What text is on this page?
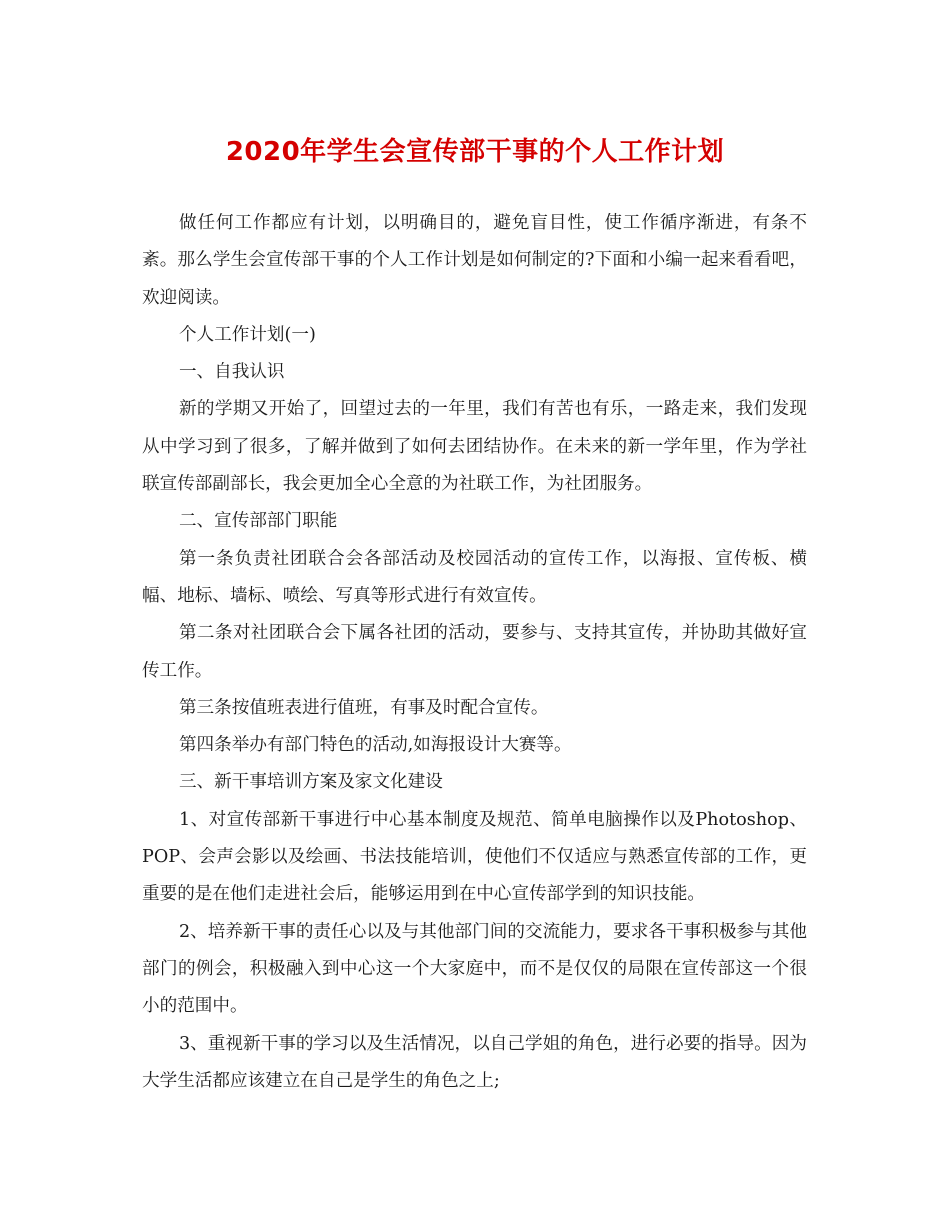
2020年学生会宣传部干事的个人工作计划

做任何工作都应有计划，以明确目的，避免盲目性，使工作循序渐进，有条不紊。那么学生会宣传部干事的个人工作计划是如何制定的?下面和小编一起来看看吧，欢迎阅读。

个人工作计划(一)

一、自我认识

新的学期又开始了，回望过去的一年里，我们有苦也有乐，一路走来，我们发现从中学习到了很多，了解并做到了如何去团结协作。在未来的新一学年里，作为学社联宣传部副部长，我会更加全心全意的为社联工作，为社团服务。

二、宣传部部门职能

第一条负责社团联合会各部活动及校园活动的宣传工作，以海报、宣传板、横幅、地标、墙标、喷绘、写真等形式进行有效宣传。

第二条对社团联合会下属各社团的活动，要参与、支持其宣传，并协助其做好宣传工作。

第三条按值班表进行值班，有事及时配合宣传。

第四条举办有部门特色的活动,如海报设计大赛等。

三、新干事培训方案及家文化建设

1、对宣传部新干事进行中心基本制度及规范、简单电脑操作以及Photoshop、POP、会声会影以及绘画、书法技能培训，使他们不仅适应与熟悉宣传部的工作，更重要的是在他们走进社会后，能够运用到在中心宣传部学到的知识技能。

2、培养新干事的责任心以及与其他部门间的交流能力，要求各干事积极参与其他部门的例会，积极融入到中心这一个大家庭中，而不是仅仅的局限在宣传部这一个很小的范围中。

3、重视新干事的学习以及生活情况，以自己学姐的角色，进行必要的指导。因为大学生活都应该建立在自己是学生的角色之上;
